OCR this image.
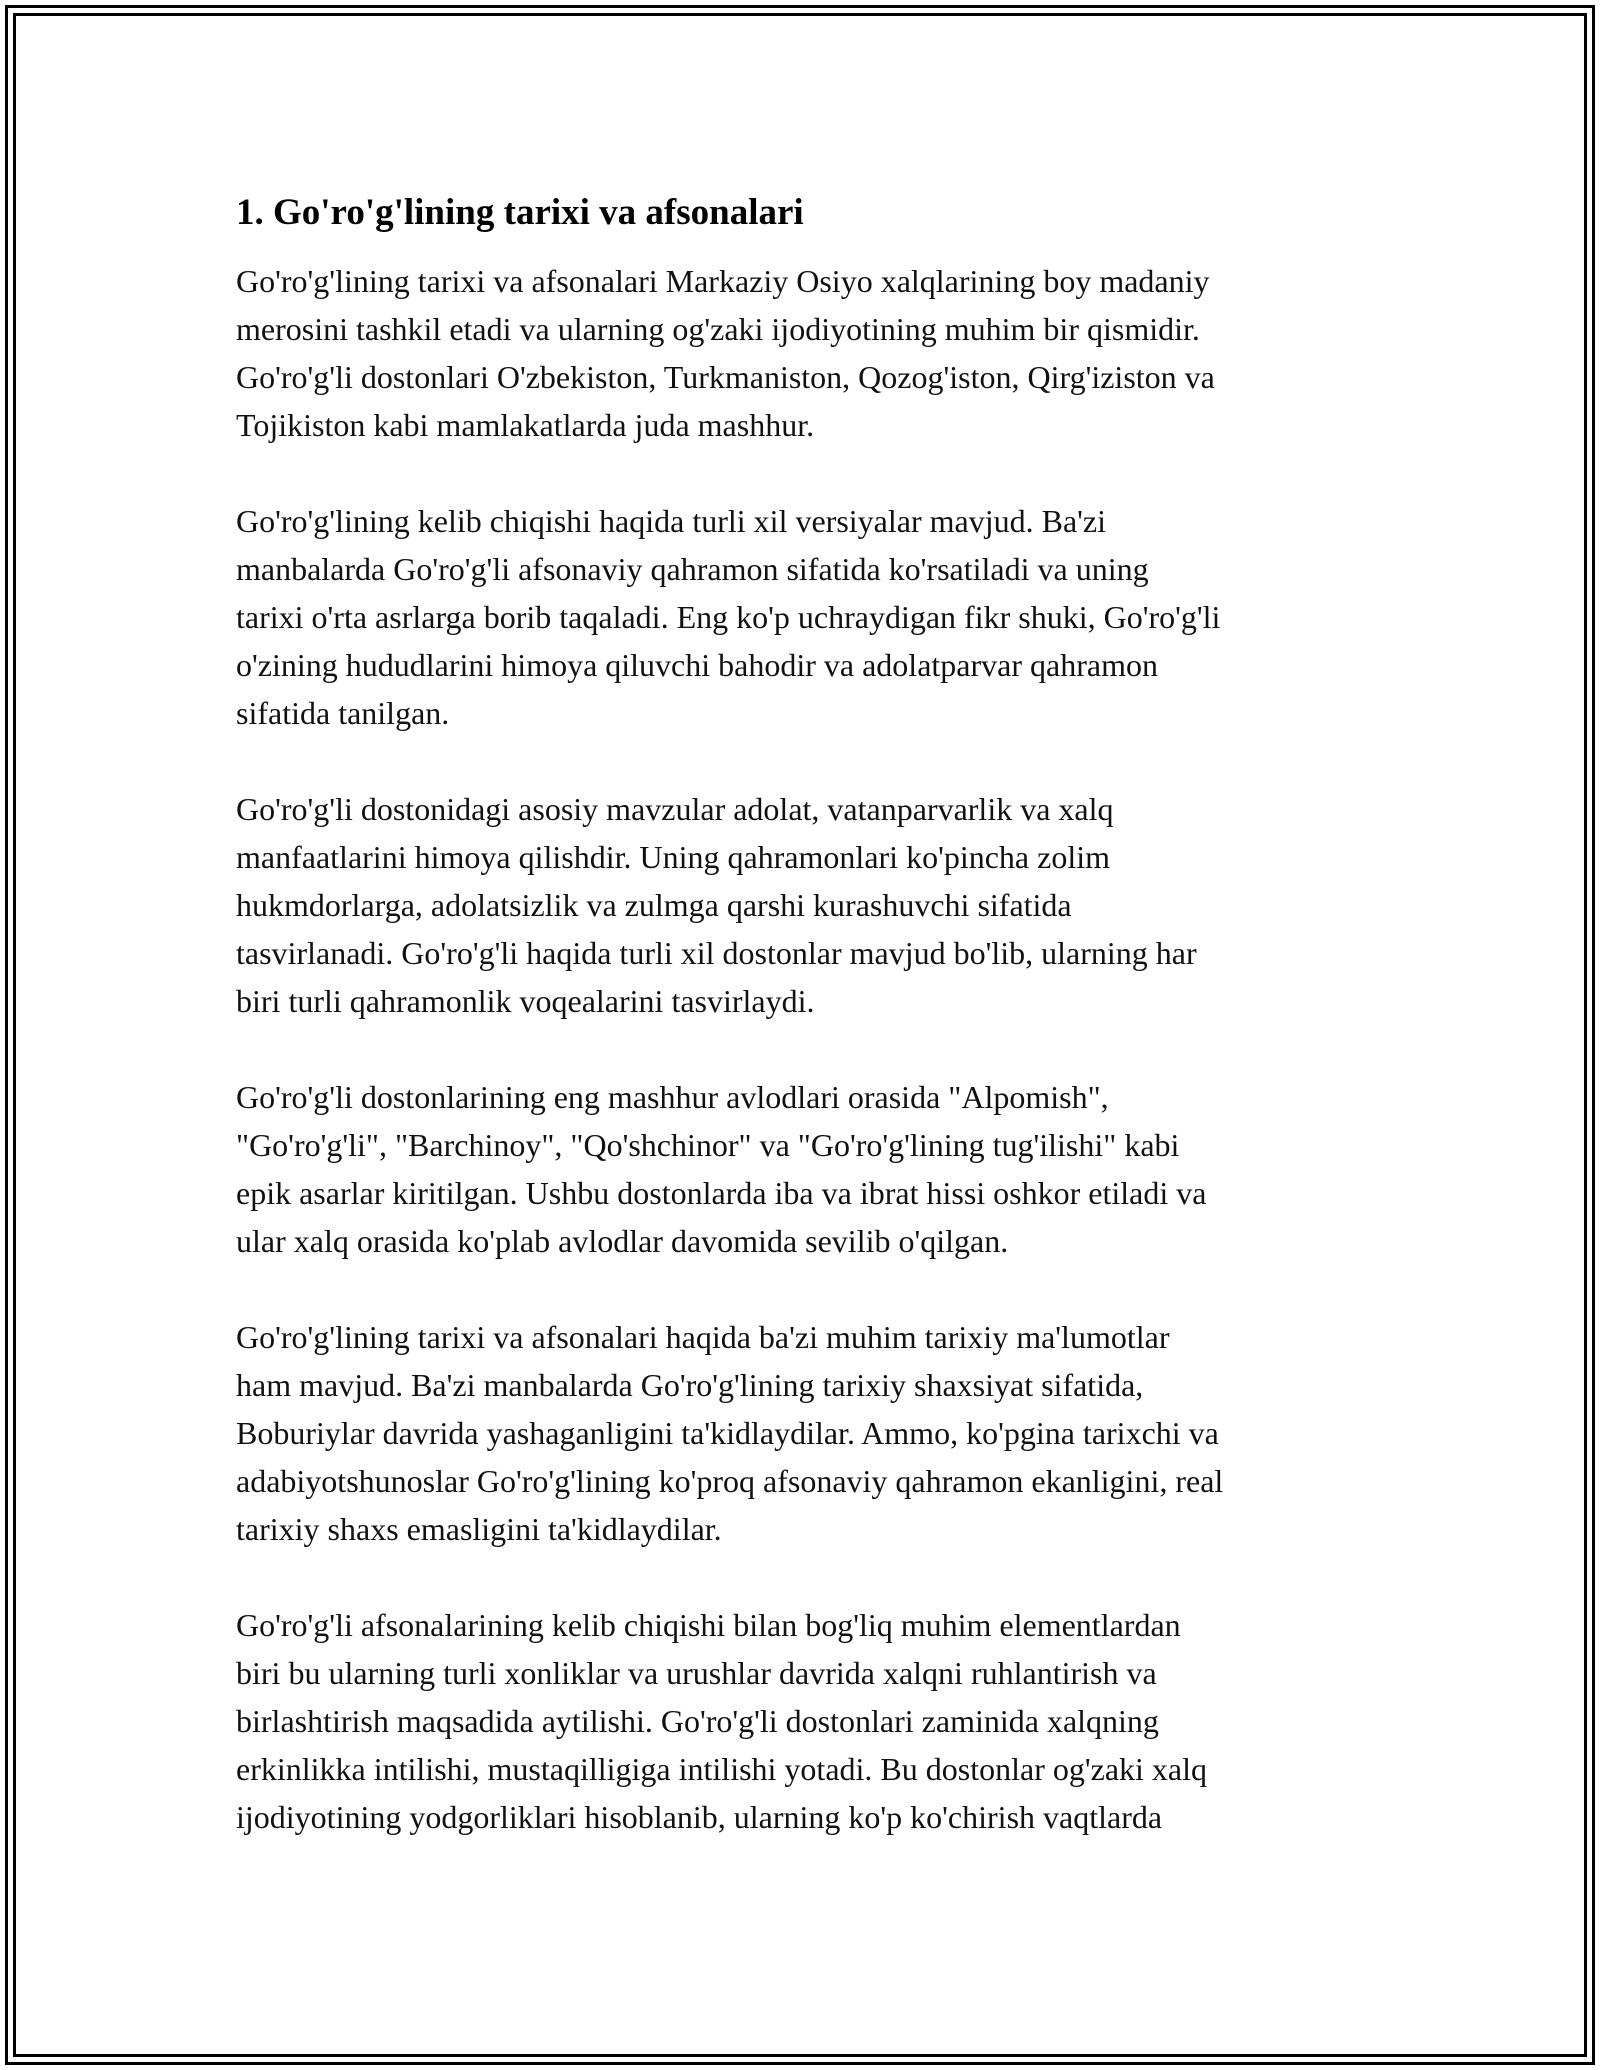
1. Go'ro'g'lining tarixi va afsonalari

Go'ro'g'lining tarixi va afsonalari Markaziy Osiyo xalqlarining boy madaniy
merosini tashkil etadi va ularning og'zaki ijodiyotining muhim bir qismidir.
Go'ro'g'li dostonlari O'zbekiston, Turkmaniston, Qozog'iston, Qirg'iziston va
Tojikiston kabi mamlakatlarda juda mashhur.

Go'ro'g'lining kelib chiqishi haqida turli xil versiyalar mavjud. Ba'zi
manbalarda Go'ro'g'li afsonaviy qahramon sifatida ko'rsatiladi va uning
tarixi o'rta asrlarga borib taqaladi. Eng ko'p uchraydigan fikr shuki, Go'ro'g'li
o'zining hududlarini himoya qiluvchi bahodir va adolatparvar qahramon
sifatida tanilgan.

Go'ro'g'li dostonidagi asosiy mavzular adolat, vatanparvarlik va xalq
manfaatlarini himoya qilishdir. Uning qahramonlari ko'pincha zolim
hukmdorlarga, adolatsizlik va zulmga qarshi kurashuvchi sifatida
tasvirlanadi. Go'ro'g'li haqida turli xil dostonlar mavjud bo'lib, ularning har
biri turli qahramonlik voqealarini tasvirlaydi.

Go'ro'g'li dostonlarining eng mashhur avlodlari orasida "Alpomish",
"Go'ro'g'li", "Barchinoy", "Qo'shchinor" va "Go'ro'g'lining tug'ilishi" kabi
epik asarlar kiritilgan. Ushbu dostonlarda iba va ibrat hissi oshkor etiladi va
ular xalq orasida ko'plab avlodlar davomida sevilib o'qilgan.

Go'ro'g'lining tarixi va afsonalari haqida ba'zi muhim tarixiy ma'lumotlar
ham mavjud. Ba'zi manbalarda Go'ro'g'lining tarixiy shaxsiyat sifatida,
Boburiylar davrida yashaganligini ta'kidlaydilar. Ammo, ko'pgina tarixchi va
adabiyotshunoslar Go'ro'g'lining ko'proq afsonaviy qahramon ekanligini, real
tarixiy shaxs emasligini ta'kidlaydilar.

Go'ro'g'li afsonalarining kelib chiqishi bilan bog'liq muhim elementlardan
biri bu ularning turli xonliklar va urushlar davrida xalqni ruhlantirish va
birlashtirish maqsadida aytilishi. Go'ro'g'li dostonlari zaminida xalqning
erkinlikka intilishi, mustaqilligiga intilishi yotadi. Bu dostonlar og'zaki xalq
ijodiyotining yodgorliklari hisoblanib, ularning ko'p ko'chirish vaqtlarda
